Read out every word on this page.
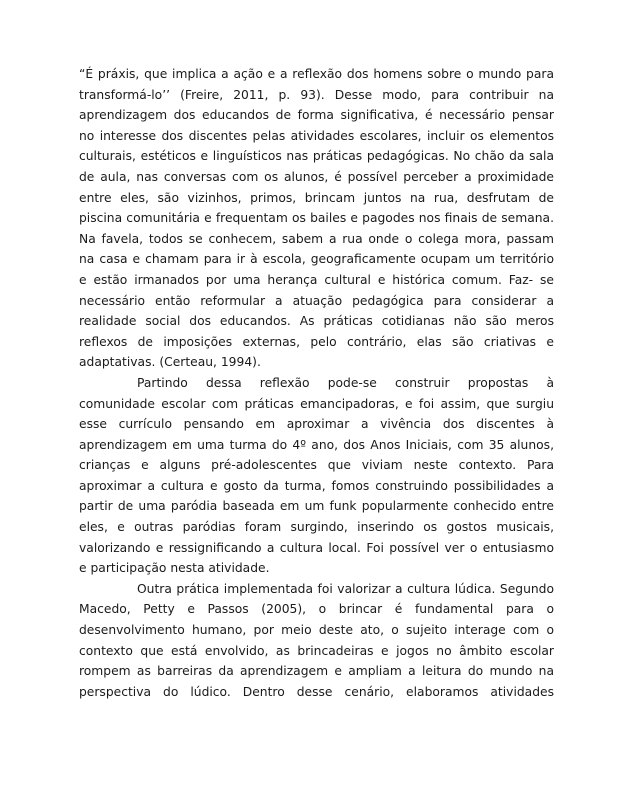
“É práxis, que implica a ação e a reflexão dos homens sobre o mundo para
transformá-lo’’ (Freire, 2011, p. 93). Desse modo, para contribuir na
aprendizagem dos educandos de forma significativa, é necessário pensar
no interesse dos discentes pelas atividades escolares, incluir os elementos
culturais, estéticos e linguísticos nas práticas pedagógicas. No chão da sala
de aula, nas conversas com os alunos, é possível perceber a proximidade
entre eles, são vizinhos, primos, brincam juntos na rua, desfrutam de
piscina comunitária e frequentam os bailes e pagodes nos finais de semana.
Na favela, todos se conhecem, sabem a rua onde o colega mora, passam
na casa e chamam para ir à escola, geograficamente ocupam um território
e estão irmanados por uma herança cultural e histórica comum. Faz- se
necessário então reformular a atuação pedagógica para considerar a
realidade social dos educandos. As práticas cotidianas não são meros
reflexos de imposições externas, pelo contrário, elas são criativas e
adaptativas. (Certeau, 1994).
Partindo dessa reflexão pode-se construir propostas à
comunidade escolar com práticas emancipadoras, e foi assim, que surgiu
esse currículo pensando em aproximar a vivência dos discentes à
aprendizagem em uma turma do 4º ano, dos Anos Iniciais, com 35 alunos,
crianças e alguns pré-adolescentes que viviam neste contexto. Para
aproximar a cultura e gosto da turma, fomos construindo possibilidades a
partir de uma paródia baseada em um funk popularmente conhecido entre
eles, e outras paródias foram surgindo, inserindo os gostos musicais,
valorizando e ressignificando a cultura local. Foi possível ver o entusiasmo
e participação nesta atividade.
Outra prática implementada foi valorizar a cultura lúdica. Segundo
Macedo, Petty e Passos (2005), o brincar é fundamental para o
desenvolvimento humano, por meio deste ato, o sujeito interage com o
contexto que está envolvido, as brincadeiras e jogos no âmbito escolar
rompem as barreiras da aprendizagem e ampliam a leitura do mundo na
perspectiva do lúdico. Dentro desse cenário, elaboramos atividades
